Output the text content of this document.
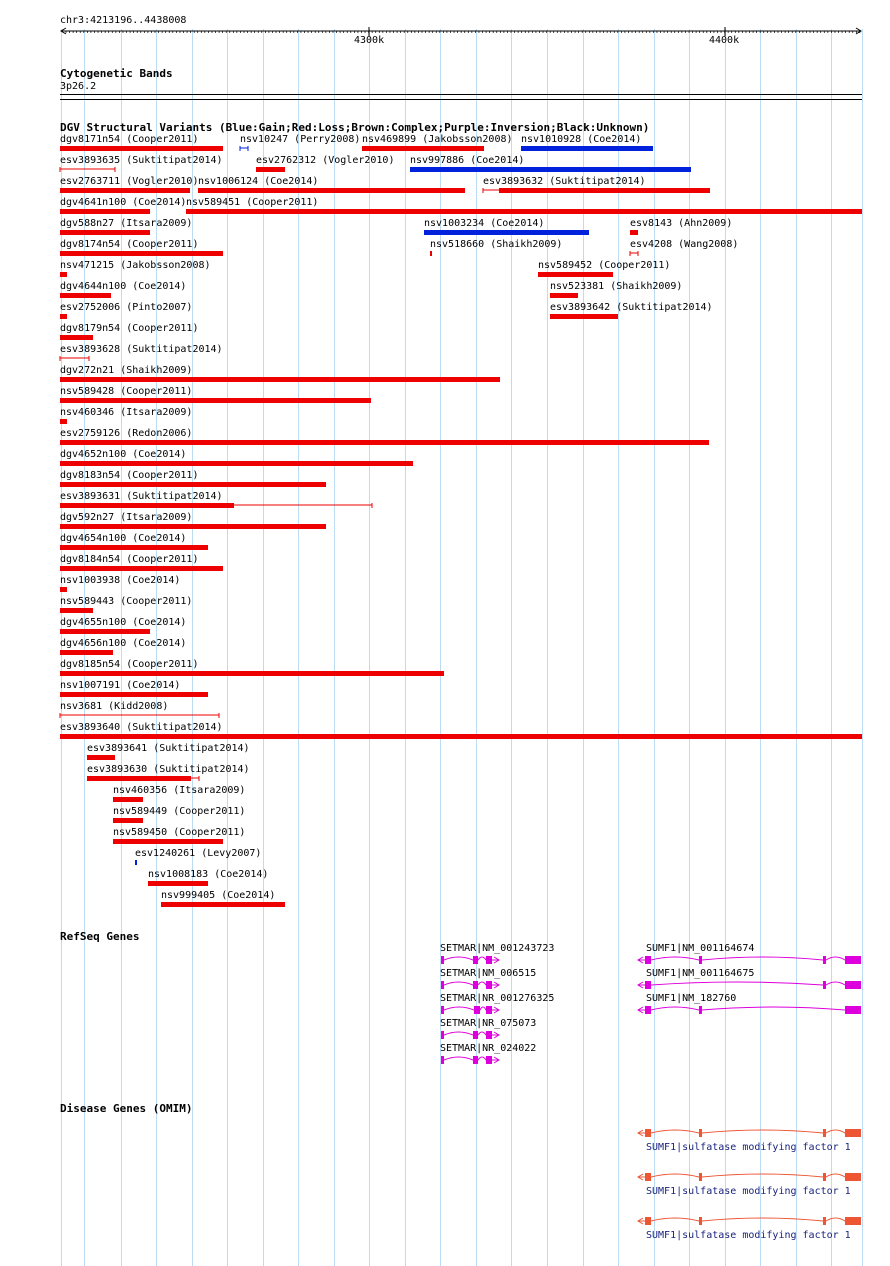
chr3:4213196..4438008
4300k	4400k
Cytogenetic Bands
3p26.2
DGV Structural Variants (Blue:Gain;Red:Loss;Brown:Complex;Purple:Inversion;Black:Unknown)
dgv8171n54 (Cooper2011)	nsv10247 (Perry2008) nsv469899 (Jakobsson2008) nsv1010928 (Coe2014)
esv3893635 (Suktitipat2014)	esv2762312 (Vogler2010) nsv997886 (Coe2014)
esv2763711 (Vogler2010) nsv1006124 (Coe2014)	esv3893632 (Suktitipat2014)
dgv4641n100 (Coe2014) nsv589451 (Cooper2011)
dgv588n27 (Itsara2009)	nsv1003234 (Coe2014)	esv8143 (Ahn2009)
dgv8174n54 (Cooper2011)	nsv518660 (Shaikh2009)	esv4208 (Wang2008)
nsv471215 (Jakobsson2008)	nsv589452 (Cooper2011)
dgv4644n100 (Coe2014)	nsv523381 (Shaikh2009)
esv2752006 (Pinto2007)	esv3893642 (Suktitipat2014)
dgv8179n54 (Cooper2011)
esv3893628 (Suktitipat2014)
dgv272n21 (Shaikh2009)
nsv589428 (Cooper2011)
nsv460346 (Itsara2009)
esv2759126 (Redon2006)
dgv4652n100 (Coe2014)
dgv8183n54 (Cooper2011)
esv3893631 (Suktitipat2014)
dgv592n27 (Itsara2009)
dgv4654n100 (Coe2014)
dgv8184n54 (Cooper2011)
nsv1003938 (Coe2014)
nsv589443 (Cooper2011)
dgv4655n100 (Coe2014)
dgv4656n100 (Coe2014)
dgv8185n54 (Cooper2011)
nsv1007191 (Coe2014)
nsv3681 (Kidd2008)
esv3893640 (Suktitipat2014)
esv3893641 (Suktitipat2014)
esv3893630 (Suktitipat2014)
nsv460356 (Itsara2009)
nsv589449 (Cooper2011)
nsv589450 (Cooper2011)
esv1240261 (Levy2007)
nsv1008183 (Coe2014)
nsv999405 (Coe2014)
RefSeq Genes
SETMAR|NM_001243723
SETMAR|NM_006515
SETMAR|NR_001276325
SETMAR|NR_075073
SETMAR|NR_024022
SUMF1|NM_001164674
SUMF1|NM_001164675
SUMF1|NM_182760
Disease Genes (OMIM)
SUMF1|sulfatase modifying factor 1
SUMF1|sulfatase modifying factor 1
SUMF1|sulfatase modifying factor 1
